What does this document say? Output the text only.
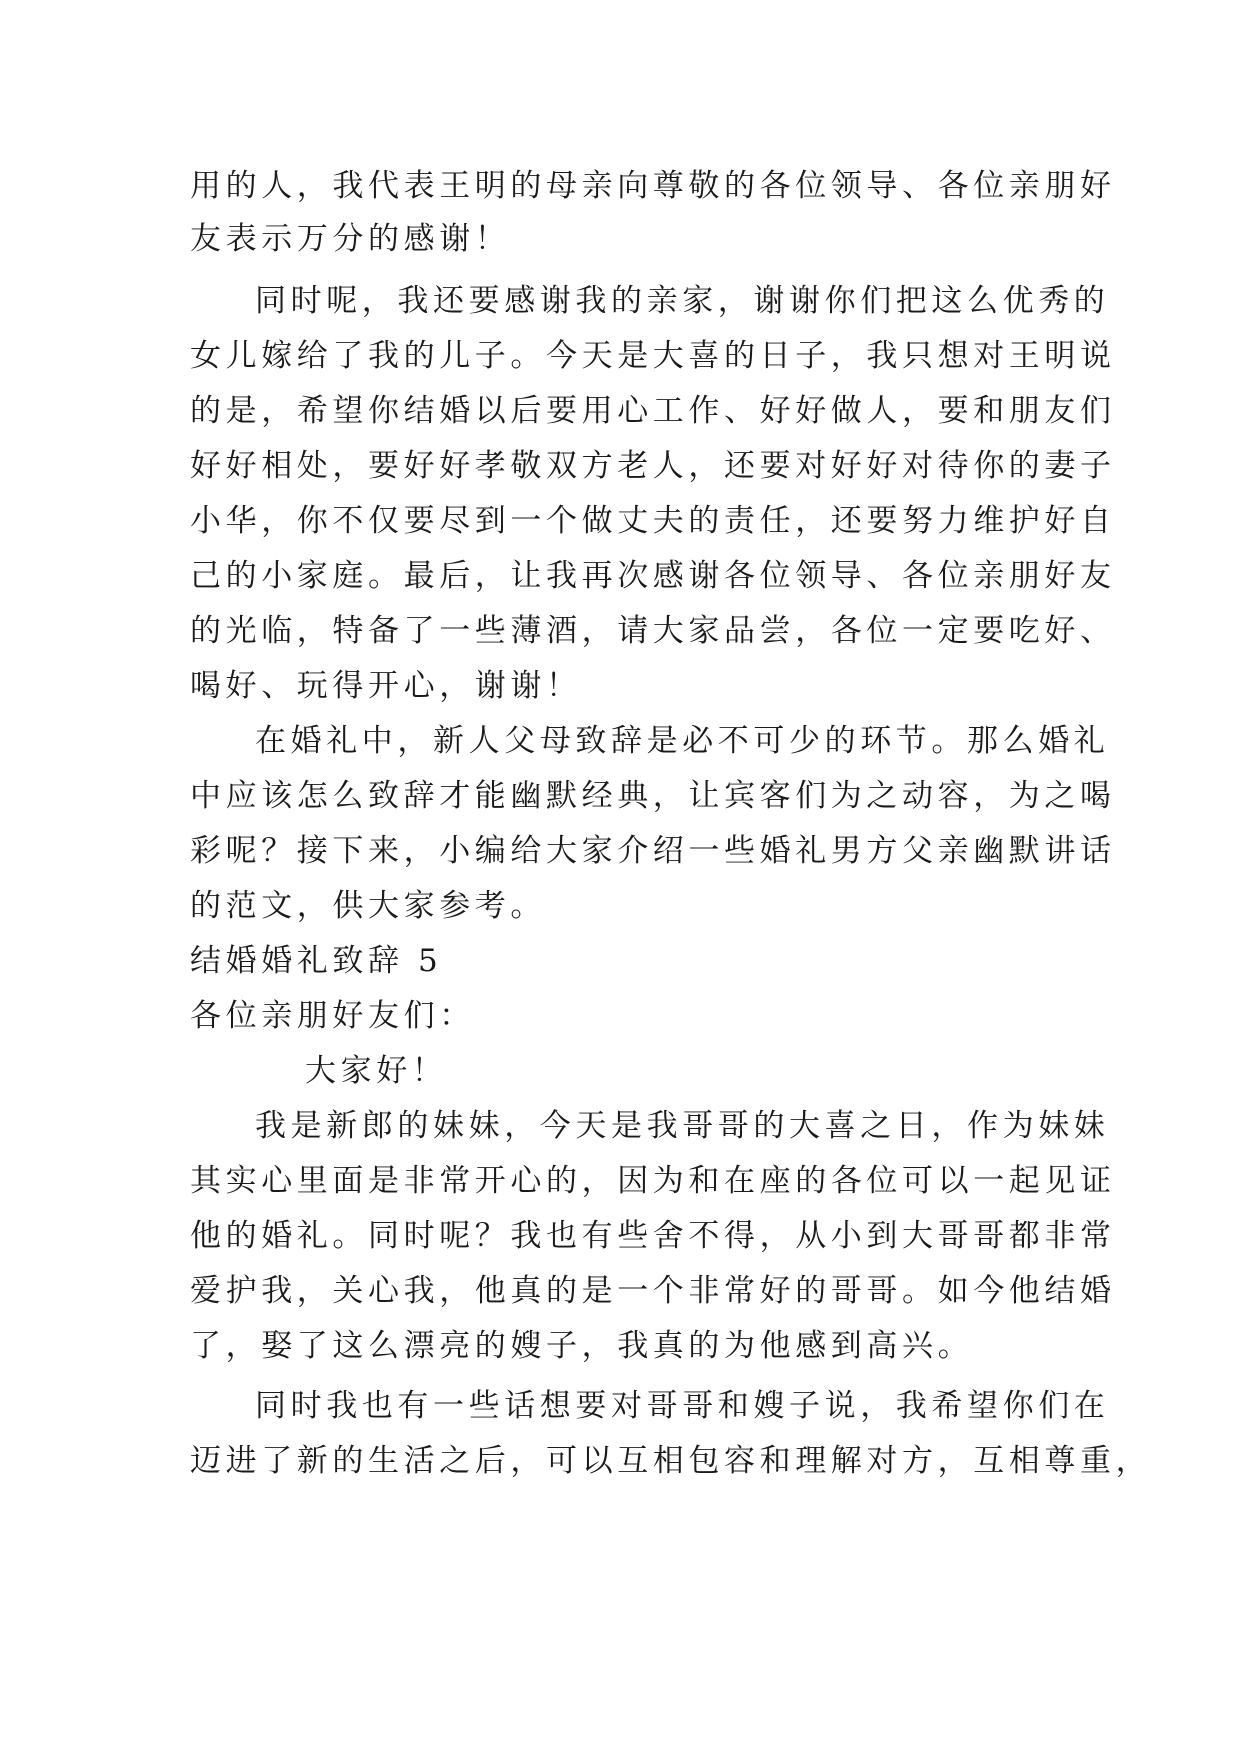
用的人，我代表王明的母亲向尊敬的各位领导、各位亲朋好
友表示万分的感谢！
同时呢，我还要感谢我的亲家，谢谢你们把这么优秀的
女儿嫁给了我的儿子。今天是大喜的日子，我只想对王明说
的是，希望你结婚以后要用心工作、好好做人，要和朋友们
好好相处，要好好孝敬双方老人，还要对好好对待你的妻子
小华，你不仅要尽到一个做丈夫的责任，还要努力维护好自
己的小家庭。最后，让我再次感谢各位领导、各位亲朋好友
的光临，特备了一些薄酒，请大家品尝，各位一定要吃好、
喝好、玩得开心，谢谢！
在婚礼中，新人父母致辞是必不可少的环节。那么婚礼
中应该怎么致辞才能幽默经典，让宾客们为之动容，为之喝
彩呢？接下来，小编给大家介绍一些婚礼男方父亲幽默讲话
的范文，供大家参考。
结婚婚礼致辞 5
各位亲朋好友们：
大家好！
我是新郎的妹妹，今天是我哥哥的大喜之日，作为妹妹
其实心里面是非常开心的，因为和在座的各位可以一起见证
他的婚礼。同时呢？我也有些舍不得，从小到大哥哥都非常
爱护我，关心我，他真的是一个非常好的哥哥。如今他结婚
了，娶了这么漂亮的嫂子，我真的为他感到高兴。
同时我也有一些话想要对哥哥和嫂子说，我希望你们在
迈进了新的生活之后，可以互相包容和理解对方，互相尊重，
